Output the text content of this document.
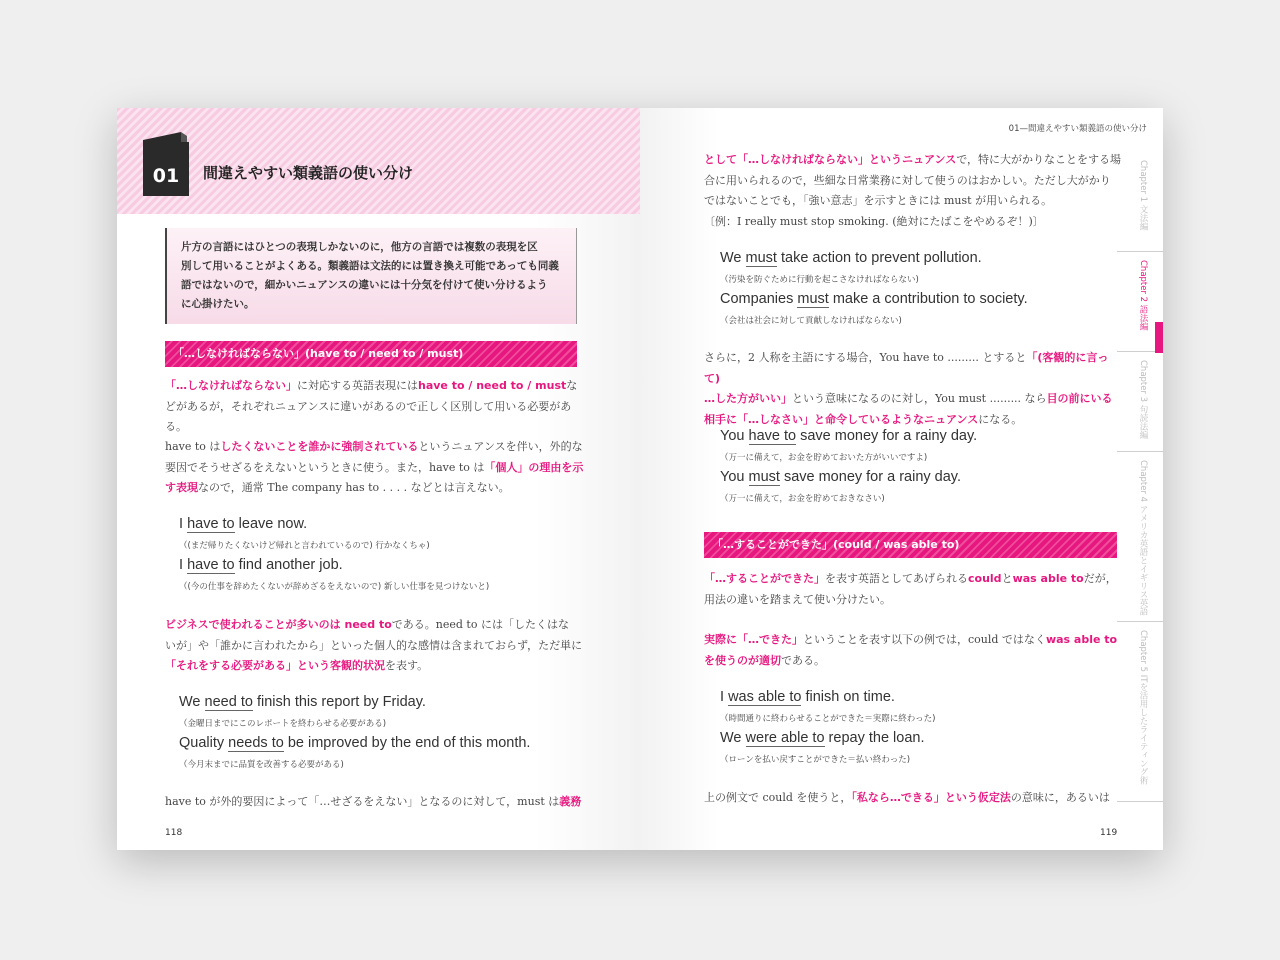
01 間違えやすい類義語の使い分け
片方の言語にはひとつの表現しかないのに，他方の言語では複数の表現を区
別して用いることがよくある。類義語は文法的には置き換え可能であっても同義
語ではないので，細かいニュアンスの違いには十分気を付けて使い分けるよう
に心掛けたい。
「…しなければならない」(have to / need to / must)
「…しなければならない」に対応する英語表現にはhave to / need to / mustな
どがあるが，それぞれニュアンスに違いがあるので正しく区別して用いる必要がある。
have to はしたくないことを誰かに強制されているというニュアンスを伴い，外的な
要因でそうせざるをえないというときに使う。また，have to は「個人」の理由を示
す表現なので，通常 The company has to . . . . などとは言えない。
I have to leave now.
（(まだ帰りたくないけど帰れと言われているので) 行かなくちゃ)
I have to find another job.
（(今の仕事を辞めたくないが辞めざるをえないので) 新しい仕事を見つけないと)
ビジネスで使われることが多いのは need toである。need to には「したくはな
いが」や「誰かに言われたから」といった個人的な感情は含まれておらず，ただ単に
「それをする必要がある」という客観的状況を表す。
We need to finish this report by Friday.
（金曜日までにこのレポートを終わらせる必要がある)
Quality needs to be improved by the end of this month.
（今月末までに品質を改善する必要がある)
have to が外的要因によって「…せざるをえない」となるのに対して，must は義務
118
01—間違えやすい類義語の使い分け
として「…しなければならない」というニュアンスで，特に大がかりなことをする場
合に用いられるので，些細な日常業務に対して使うのはおかしい。ただし大がかり
ではないことでも，「強い意志」を示すときには must が用いられる。
〔例：I really must stop smoking. (絶対にたばこをやめるぞ！)〕
We must take action to prevent pollution.
（汚染を防ぐために行動を起こさなければならない)
Companies must make a contribution to society.
（会社は社会に対して貢献しなければならない)
さらに，2 人称を主語にする場合，You have to ......... とすると「(客観的に言って)
…した方がいい」という意味になるのに対し，You must ......... なら目の前にいる
相手に「…しなさい」と命令しているようなニュアンスになる。
You have to save money for a rainy day.
（万一に備えて，お金を貯めておいた方がいいですよ)
You must save money for a rainy day.
（万一に備えて，お金を貯めておきなさい)
「…することができた」(could / was able to)
「…することができた」を表す英語としてあげられるcouldとwas able toだが，
用法の違いを踏まえて使い分けたい。
実際に「…できた」ということを表す以下の例では，could ではなくwas able to
を使うのが適切である。
I was able to finish on time.
（時間通りに終わらせることができた＝実際に終わった)
We were able to repay the loan.
（ローンを払い戻すことができた＝払い終わった)
上の例文で could を使うと，「私なら…できる」という仮定法の意味に，あるいは
119
Chapter 1 文法編
Chapter 2 語法編
Chapter 3 句読法編
Chapter 4 アメリカ英語とイギリス英語
Chapter 5 ITを活用したライティング術
